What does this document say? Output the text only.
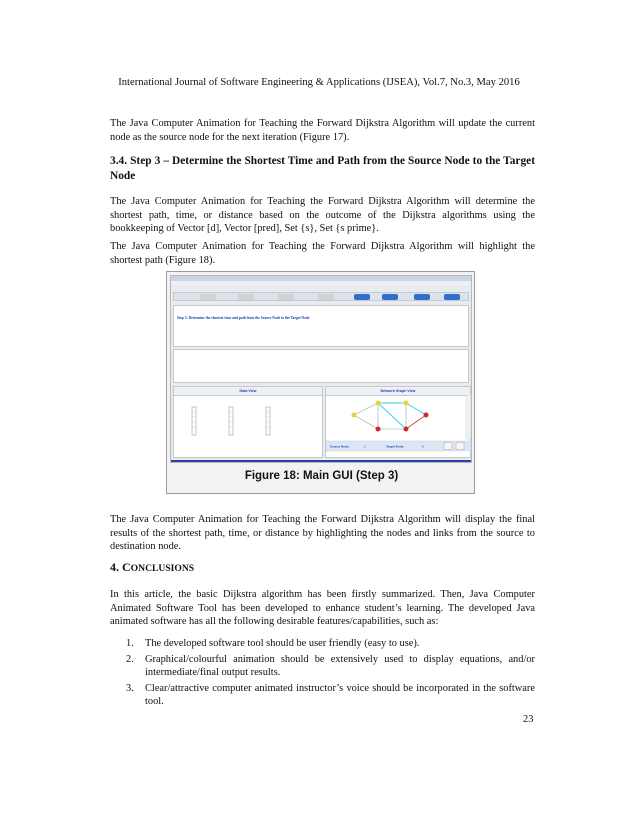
International Journal of Software Engineering & Applications (IJSEA), Vol.7, No.3, May 2016

The Java Computer Animation for Teaching the Forward Dijkstra Algorithm will update the current node as the source node for the next iteration (Figure 17).

3.4. Step 3 – Determine the Shortest Time and Path from the Source Node to the Target Node

The Java Computer Animation for Teaching the Forward Dijkstra Algorithm will determine the shortest path, time, or distance based on the outcome of the Dijkstra algorithms using the bookkeeping of Vector [d], Vector [pred], Set {s}, Set {s prime}.

The Java Computer Animation for Teaching the Forward Dijkstra Algorithm will highlight the shortest path (Figure 18).

Step 3: Determine the shortest time and path from the Source Node to the Target Node
Data View	Network Graph View
Source Node:	1	Target Node:	6
Figure 18: Main GUI (Step 3)

The Java Computer Animation for Teaching the Forward Dijkstra Algorithm will display the final results of the shortest path, time, or distance by highlighting the nodes and links from the source to destination node.

4. CONCLUSIONS

In this article, the basic Dijkstra algorithm has been firstly summarized. Then, Java Computer Animated Software Tool has been developed to enhance student’s learning. The developed Java animated software has all the following desirable features/capabilities, such as:

1. The developed software tool should be user friendly (easy to use).
2. Graphical/colourful animation should be extensively used to display equations, and/or intermediate/final output results.
3. Clear/attractive computer animated instructor’s voice should be incorporated in the software tool.
23
